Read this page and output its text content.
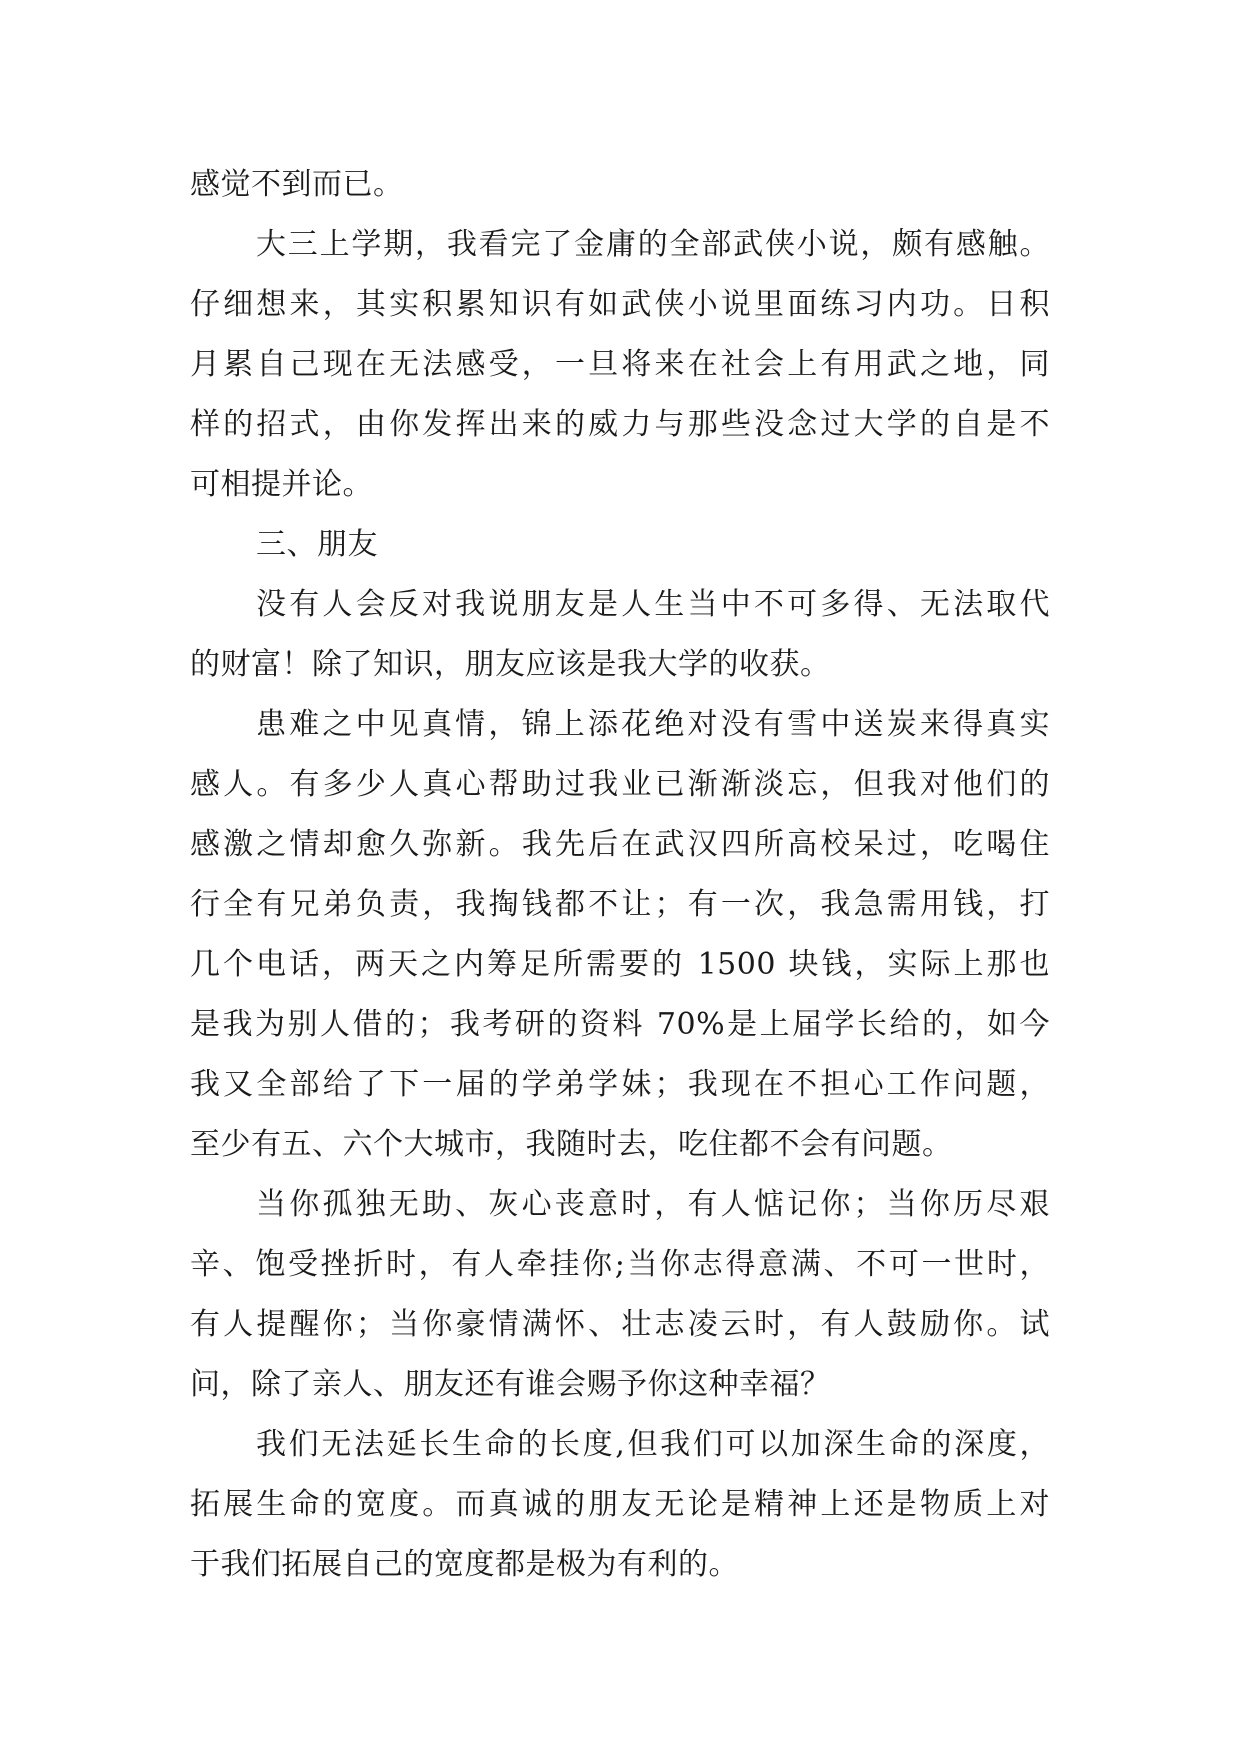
感觉不到而已。
大三上学期，我看完了金庸的全部武侠小说，颇有感触。
仔细想来，其实积累知识有如武侠小说里面练习内功。日积
月累自己现在无法感受，一旦将来在社会上有用武之地，同
样的招式，由你发挥出来的威力与那些没念过大学的自是不
可相提并论。
三、朋友
没有人会反对我说朋友是人生当中不可多得、无法取代
的财富！除了知识，朋友应该是我大学的收获。
患难之中见真情，锦上添花绝对没有雪中送炭来得真实
感人。有多少人真心帮助过我业已渐渐淡忘，但我对他们的
感激之情却愈久弥新。我先后在武汉四所高校呆过，吃喝住
行全有兄弟负责，我掏钱都不让；有一次，我急需用钱，打
几个电话，两天之内筹足所需要的 1500 块钱，实际上那也
是我为别人借的；我考研的资料 70%是上届学长给的，如今
我又全部给了下一届的学弟学妹；我现在不担心工作问题，
至少有五、六个大城市，我随时去，吃住都不会有问题。
当你孤独无助、灰心丧意时，有人惦记你；当你历尽艰
辛、饱受挫折时，有人牵挂你;当你志得意满、不可一世时，
有人提醒你；当你豪情满怀、壮志凌云时，有人鼓励你。试
问，除了亲人、朋友还有谁会赐予你这种幸福？
我们无法延长生命的长度,但我们可以加深生命的深度，
拓展生命的宽度。而真诚的朋友无论是精神上还是物质上对
于我们拓展自己的宽度都是极为有利的。
